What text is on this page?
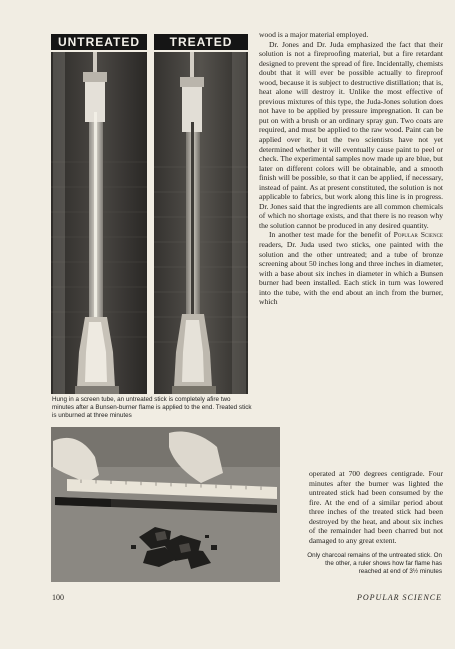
UNTREATED	TREATED
Hung in a screen tube, an untreated stick is completely afire two minutes after a Bunsen-burner flame is applied to the end. Treated stick is unburned at three minutes

wood is a major material employed.

Dr. Jones and Dr. Juda emphasized the fact that their solution is not a fireproofing material, but a fire retardant designed to prevent the spread of fire. Incidentally, chemists doubt that it will ever be possible actually to fireproof wood, because it is subject to destructive distillation; that is, heat alone will destroy it. Unlike the most effective of previous mixtures of this type, the Juda-Jones solution does not have to be applied by pressure impregnation. It can be put on with a brush or an ordinary spray gun. Two coats are required, and must be applied to the raw wood. Paint can be applied over it, but the two scientists have not yet determined whether it will eventually cause paint to peel or check. The experimental samples now made up are blue, but later on different colors will be obtainable, and a smooth finish will be possible, so that it can be applied, if necessary, instead of paint. As at present constituted, the solution is not applicable to fabrics, but work along this line is in progress. Dr. Jones said that the ingredients are all common chemicals of which no shortage exists, and that there is no reason why the solution cannot be produced in any desired quantity.

In another test made for the benefit of Popular Science readers, Dr. Juda used two sticks, one painted with the solution and the other untreated; and a tube of bronze screening about 50 inches long and three inches in diameter, with a base about six inches in diameter in which a Bunsen burner had been installed. Each stick in turn was lowered into the tube, with the end about an inch from the burner, which

operated at 700 degrees centigrade. Four minutes after the burner was lighted the untreated stick had been consumed by the fire. At the end of a similar period about three inches of the treated stick had been destroyed by the heat, and about six inches of the remainder had been charred but not damaged to any great extent.

Only charcoal remains of the untreated stick. On the other, a ruler shows how far flame has reached at end of 3½ minutes
100	POPULAR SCIENCE
